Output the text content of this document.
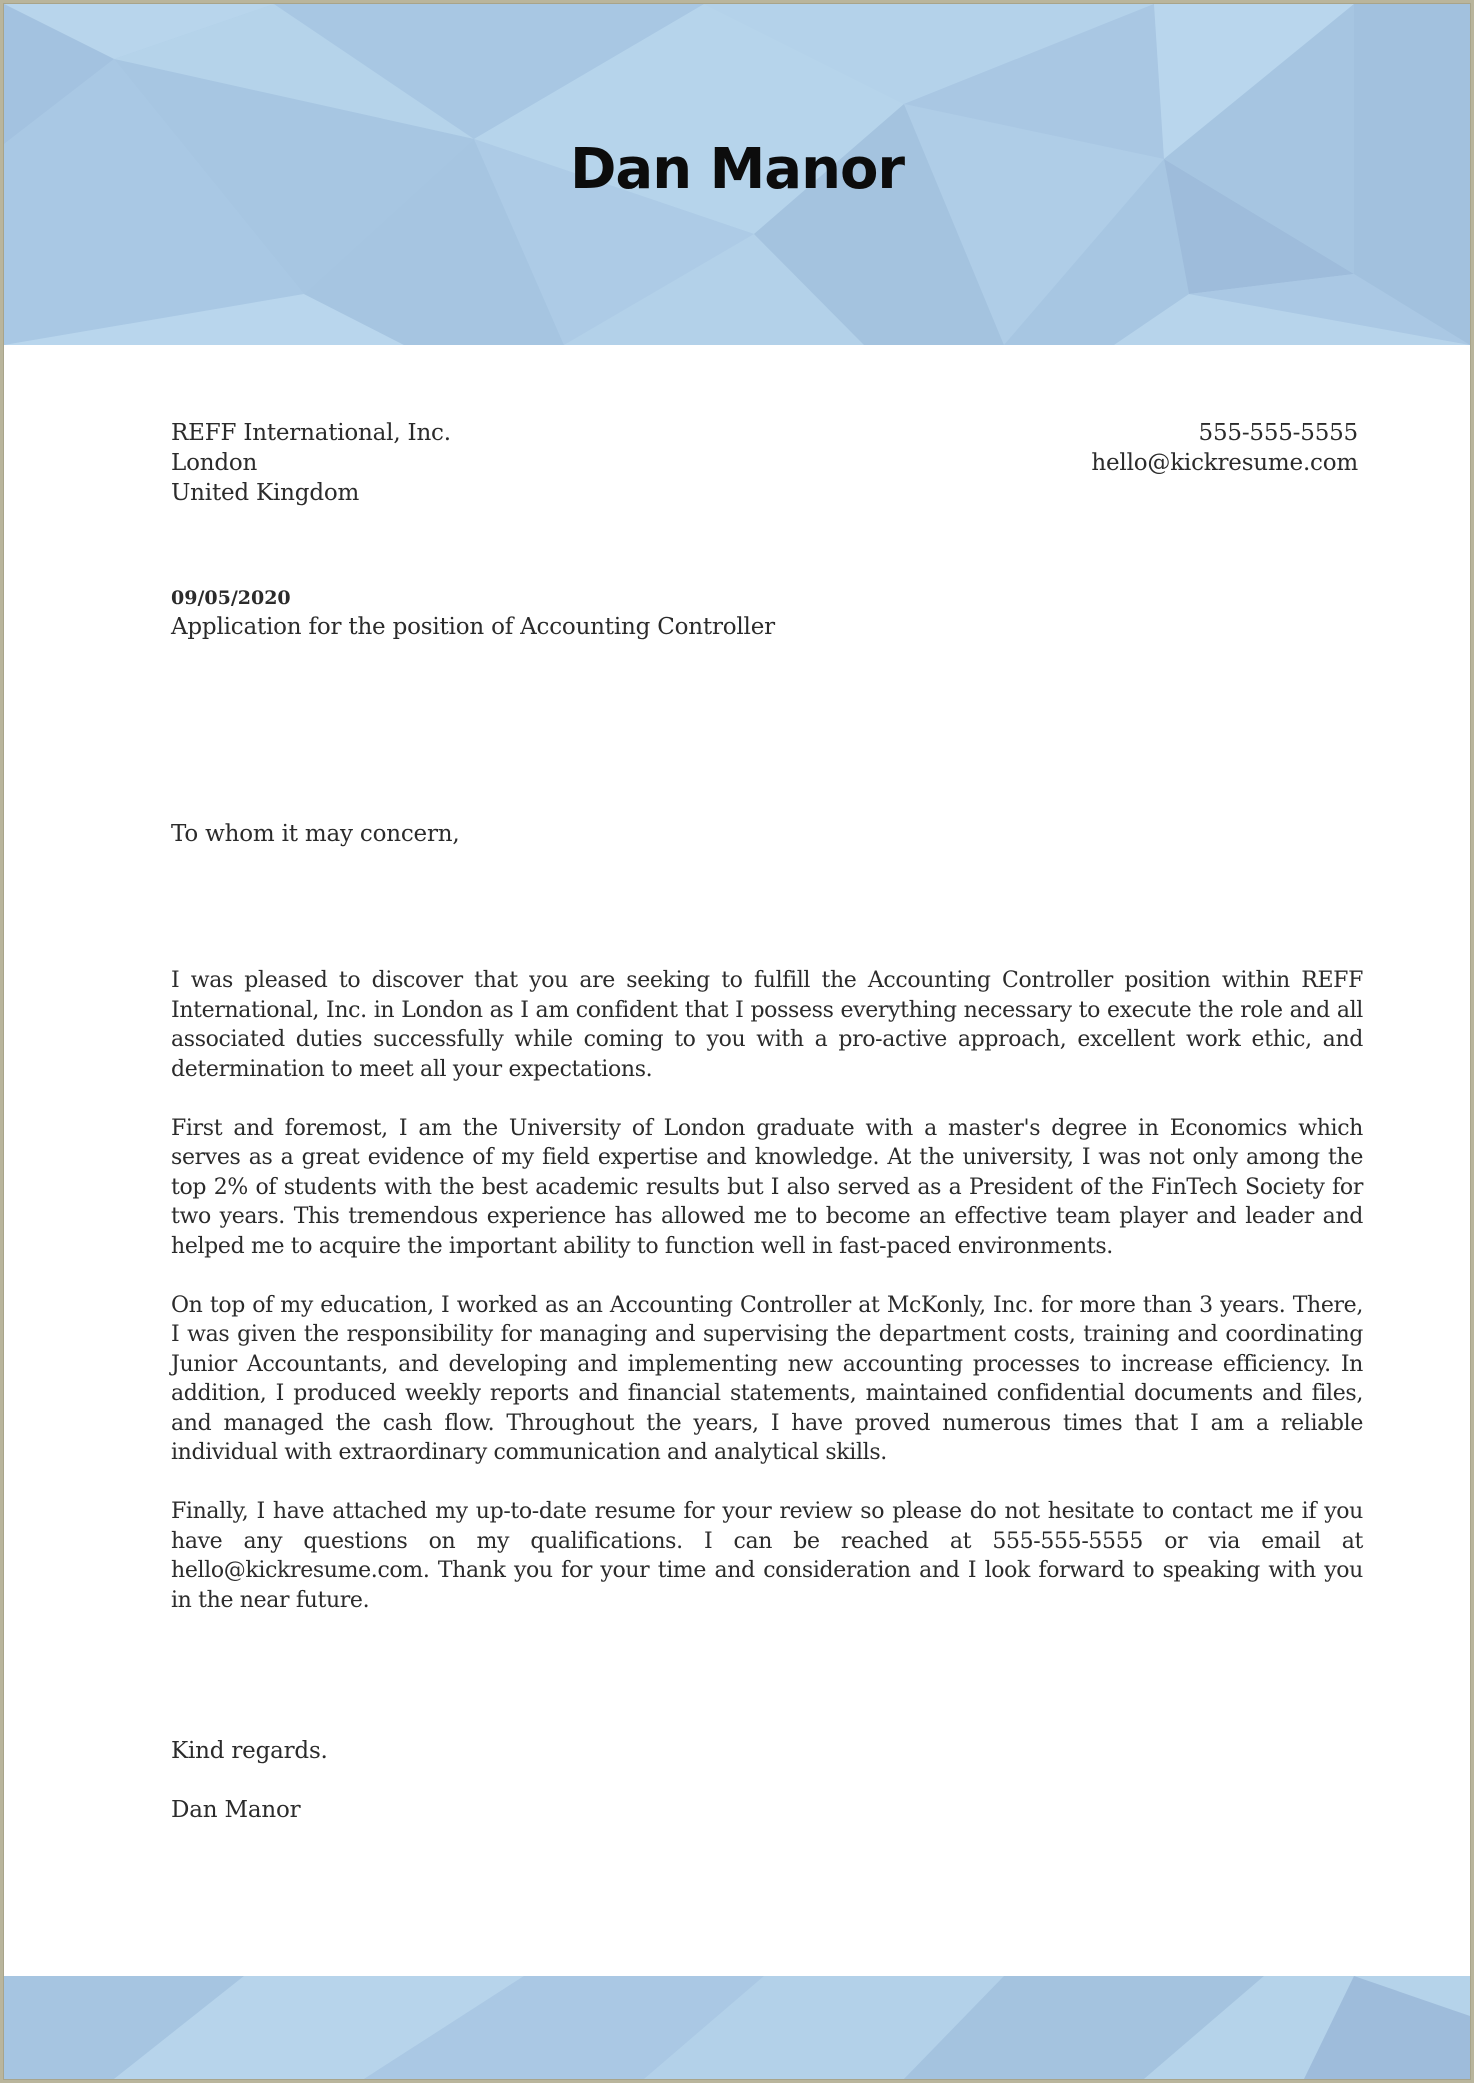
Dan Manor
REFF International, Inc.
London
United Kingdom
555-555-5555
hello@kickresume.com
09/05/2020
Application for the position of Accounting Controller
To whom it may concern,

I was pleased to discover that you are seeking to fulfill the Accounting Controller position within REFF International, Inc. in London as I am confident that I possess everything necessary to execute the role and all associated duties successfully while coming to you with a pro-active approach, excellent work ethic, and determination to meet all your expectations.

First and foremost, I am the University of London graduate with a master's degree in Economics which serves as a great evidence of my field expertise and knowledge. At the university, I was not only among the top 2% of students with the best academic results but I also served as a President of the FinTech Society for two years. This tremendous experience has allowed me to become an effective team player and leader and helped me to acquire the important ability to function well in fast-paced environments.

On top of my education, I worked as an Accounting Controller at McKonly, Inc. for more than 3 years. There, I was given the responsibility for managing and supervising the department costs, training and coordinating Junior Accountants, and developing and implementing new accounting processes to increase efficiency. In addition, I produced weekly reports and financial statements, maintained confidential documents and files, and managed the cash flow. Throughout the years, I have proved numerous times that I am a reliable individual with extraordinary communication and analytical skills.

Finally, I have attached my up-to-date resume for your review so please do not hesitate to contact me if you have any questions on my qualifications. I can be reached at 555-555-5555 or via email at hello@kickresume.com. Thank you for your time and consideration and I look forward to speaking with you in the near future.

Kind regards.
Dan Manor
